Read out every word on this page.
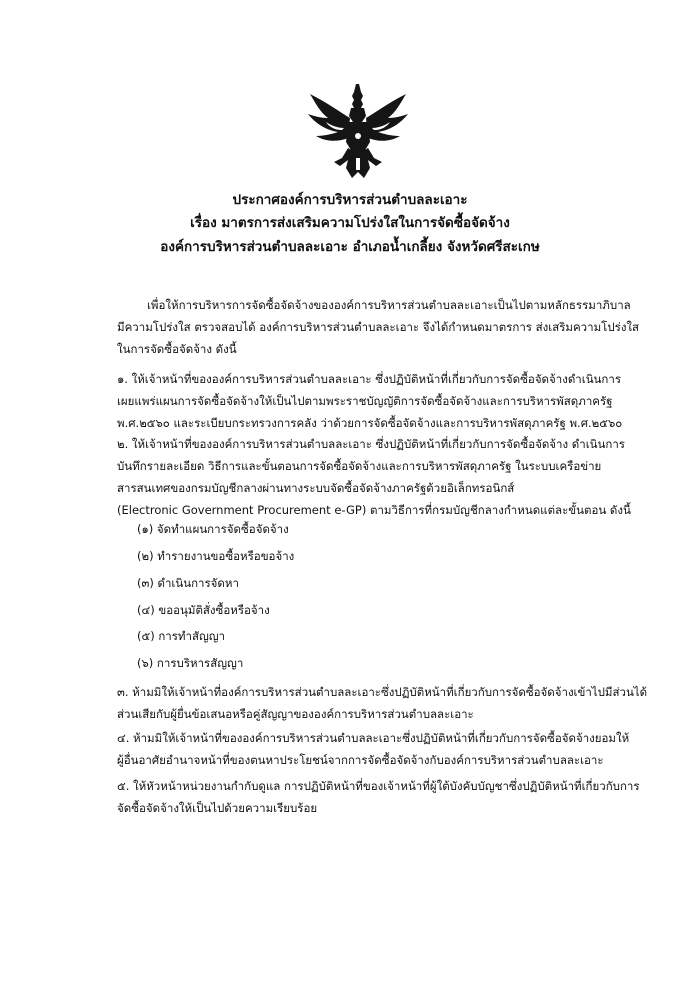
ประกาศองค์การบริหารส่วนตำบลละเอาะ
เรื่อง มาตรการส่งเสริมความโปร่งใสในการจัดซื้อจัดจ้าง
องค์การบริหารส่วนตำบลละเอาะ อำเภอน้ำเกลี้ยง จังหวัดศรีสะเกษ
เพื่อให้การบริหารการจัดซื้อจัดจ้างขององค์การบริหารส่วนตำบลละเอาะเป็นไปตามหลักธรรมาภิบาล
มีความโปร่งใส ตรวจสอบได้ องค์การบริหารส่วนตำบลละเอาะ จึงได้กำหนดมาตรการ ส่งเสริมความโปร่งใส
ในการจัดซื้อจัดจ้าง ดังนี้
๑. ให้เจ้าหน้าที่ขององค์การบริหารส่วนตำบลละเอาะ ซึ่งปฏิบัติหน้าที่เกี่ยวกับการจัดซื้อจัดจ้างดำเนินการ
เผยแพร่แผนการจัดซื้อจัดจ้างให้เป็นไปตามพระราชบัญญัติการจัดซื้อจัดจ้างและการบริหารพัสดุภาครัฐ
พ.ศ.๒๕๖๐ และระเบียบกระทรวงการคลัง ว่าด้วยการจัดซื้อจัดจ้างและการบริหารพัสดุภาครัฐ พ.ศ.๒๕๖๐
๒. ให้เจ้าหน้าที่ขององค์การบริหารส่วนตำบลละเอาะ ซึ่งปฏิบัติหน้าที่เกี่ยวกับการจัดซื้อจัดจ้าง ดำเนินการ
บันทึกรายละเอียด วิธีการและขั้นตอนการจัดซื้อจัดจ้างและการบริหารพัสดุภาครัฐ ในระบบเครือข่าย
สารสนเทศของกรมบัญชีกลางผ่านทางระบบจัดซื้อจัดจ้างภาครัฐด้วยอิเล็กทรอนิกส์
(Electronic Government Procurement e-GP) ตามวิธีการที่กรมบัญชีกลางกำหนดแต่ละขั้นตอน ดังนี้
(๑) จัดทำแผนการจัดซื้อจัดจ้าง
(๒) ทำรายงานขอซื้อหรือขอจ้าง
(๓) ดำเนินการจัดหา
(๔) ขออนุมัติสั่งซื้อหรือจ้าง
(๕) การทำสัญญา
(๖) การบริหารสัญญา
๓. ห้ามมิให้เจ้าหน้าที่องค์การบริหารส่วนตำบลละเอาะซึ่งปฏิบัติหน้าที่เกี่ยวกับการจัดซื้อจัดจ้างเข้าไปมีส่วนได้
ส่วนเสียกับผู้ยื่นข้อเสนอหรือคู่สัญญาขององค์การบริหารส่วนตำบลละเอาะ
๔. ห้ามมิให้เจ้าหน้าที่ขององค์การบริหารส่วนตำบลละเอาะซึ่งปฏิบัติหน้าที่เกี่ยวกับการจัดซื้อจัดจ้างยอมให้
ผู้อื่นอาศัยอำนาจหน้าที่ของตนหาประโยชน์จากการจัดซื้อจัดจ้างกับองค์การบริหารส่วนตำบลละเอาะ
๕. ให้หัวหน้าหน่วยงานกำกับดูแล การปฏิบัติหน้าที่ของเจ้าหน้าที่ผู้ใต้บังคับบัญชาซึ่งปฏิบัติหน้าที่เกี่ยวกับการ
จัดซื้อจัดจ้างให้เป็นไปด้วยความเรียบร้อย
